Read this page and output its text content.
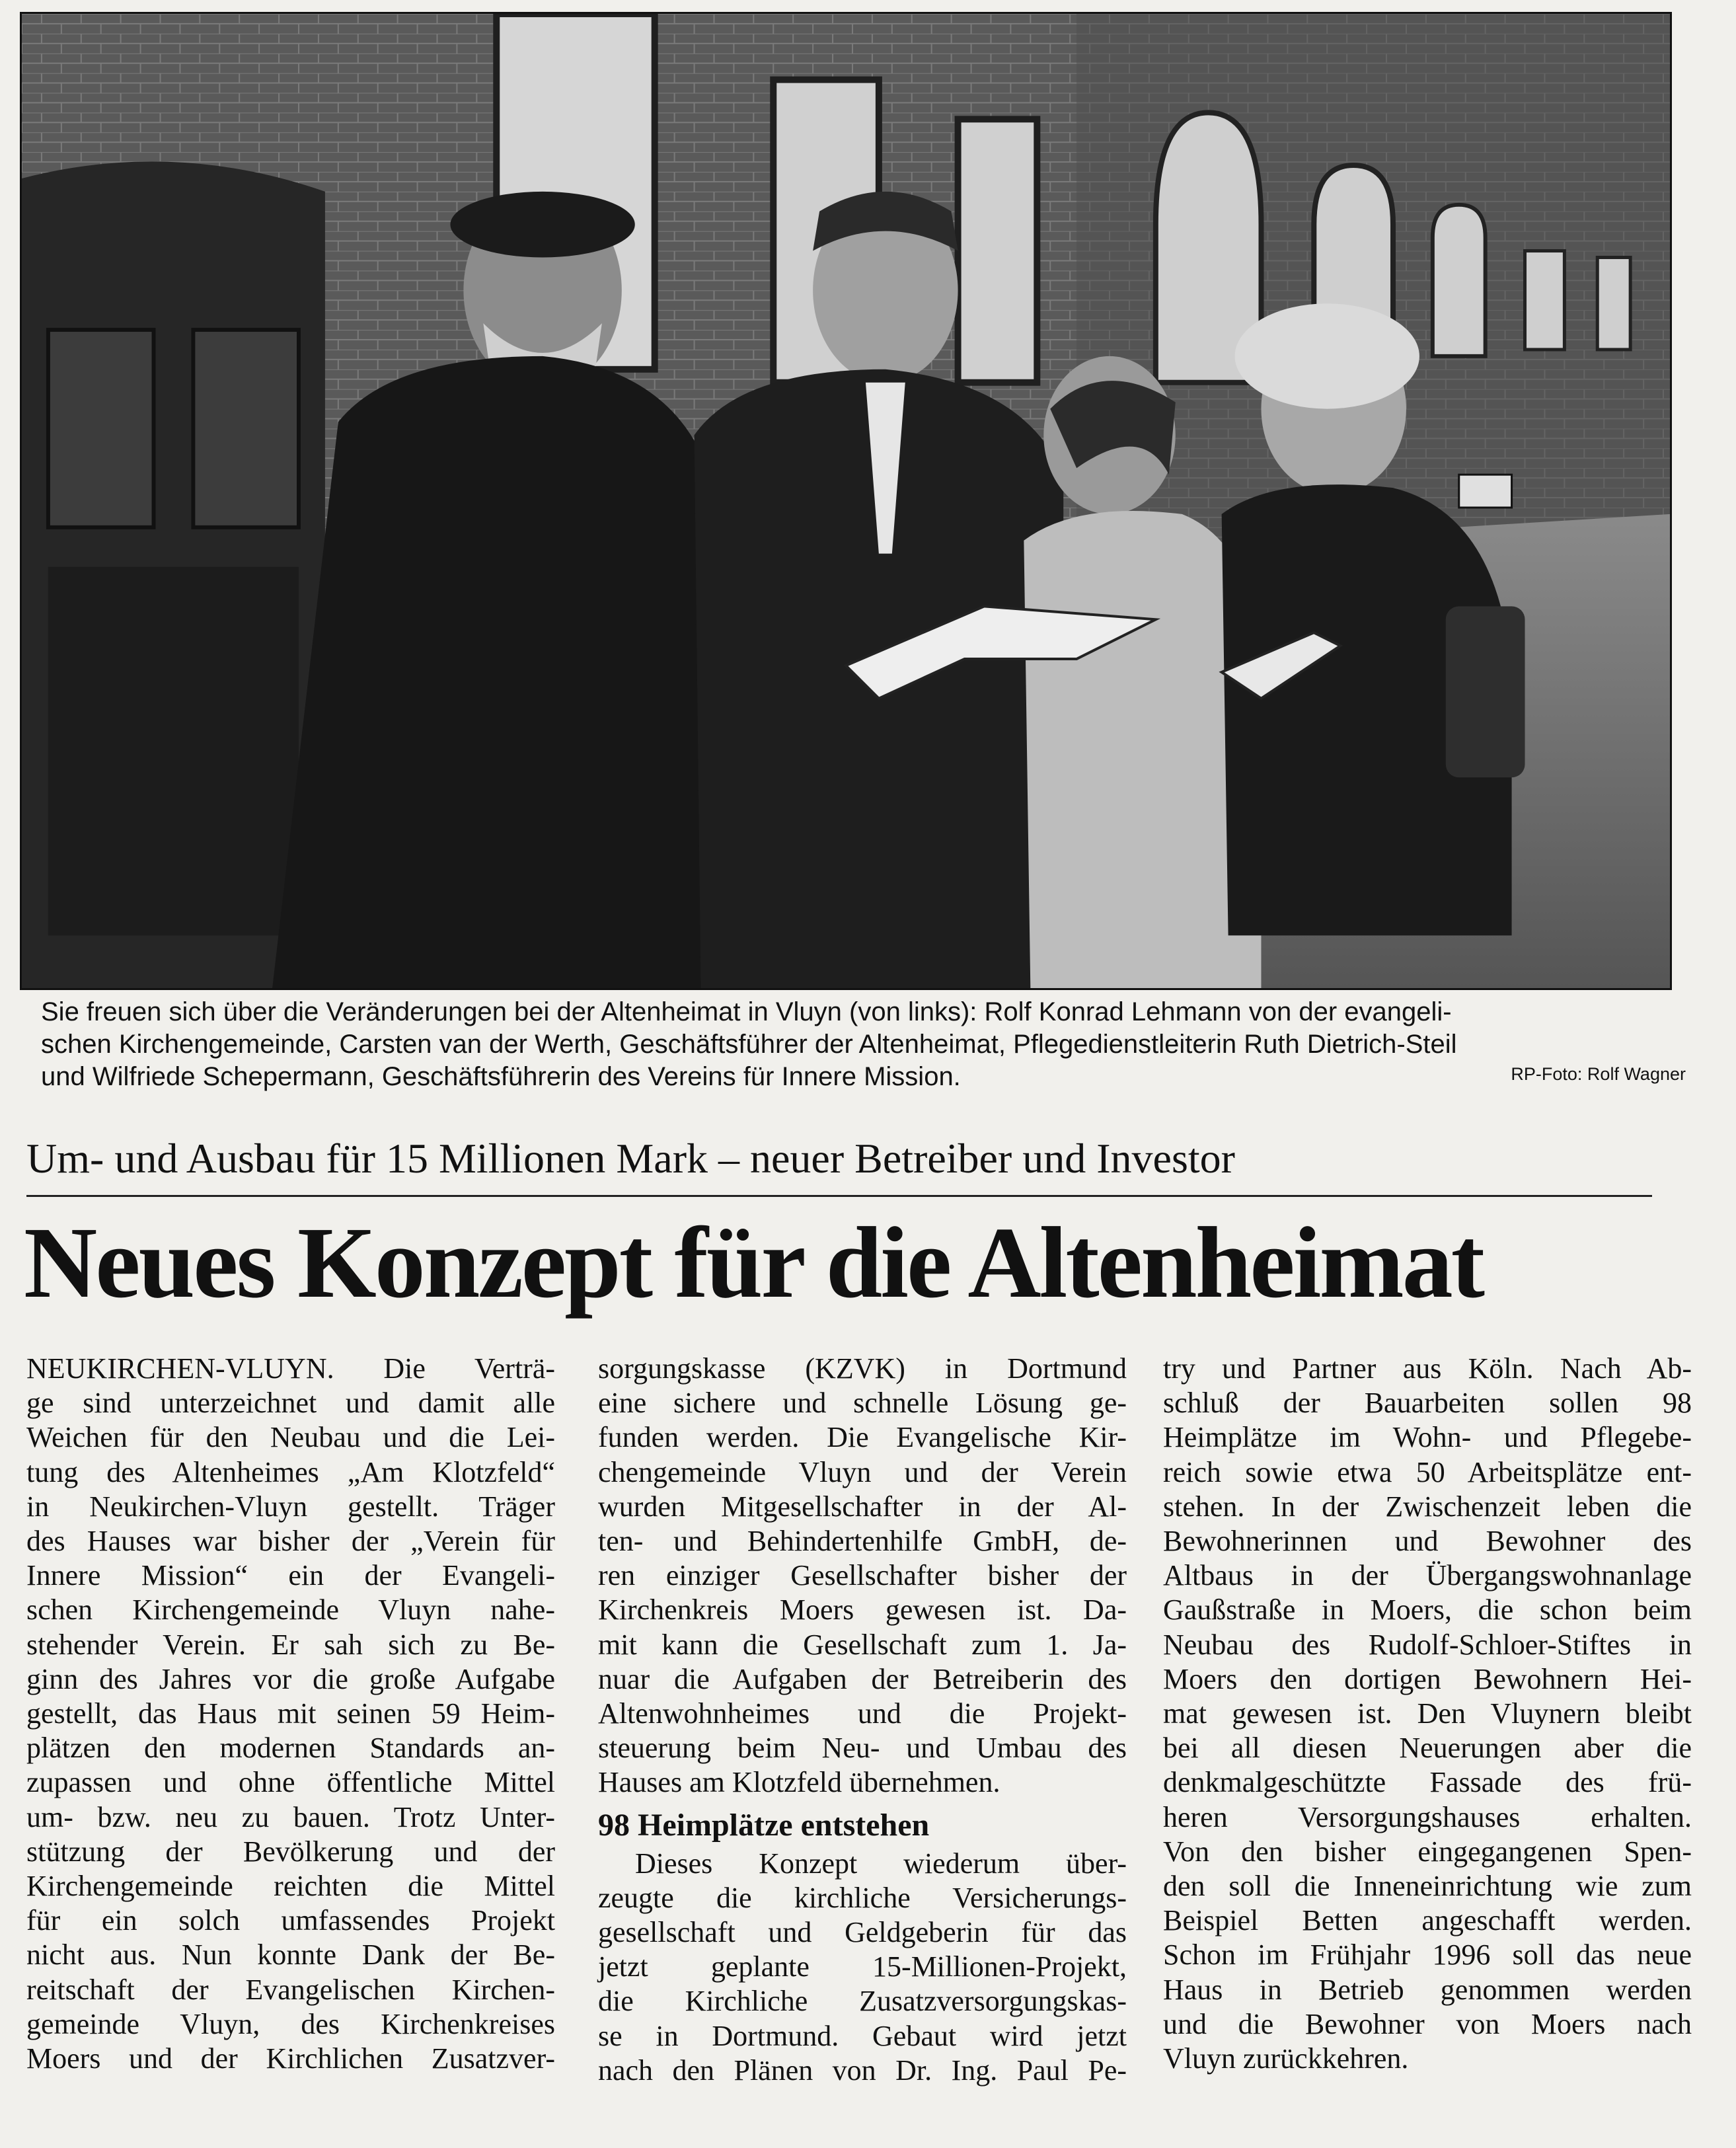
Sie freuen sich über die Veränderungen bei der Altenheimat in Vluyn (von links): Rolf Konrad Lehmann von der evangeli-

schen Kirchengemeinde, Carsten van der Werth, Geschäftsführer der Altenheimat, Pflegedienstleiterin Ruth Dietrich-Steil

und Wilfriede Schepermann, Geschäftsführerin des Vereins für Innere Mission.	RP-Foto: Rolf Wagner
Um- und Ausbau für 15 Millionen Mark – neuer Betreiber und Investor
Neues Konzept für die Altenheimat

NEUKIRCHEN-VLUYN. Die Verträ-

ge sind unterzeichnet und damit alle

Weichen für den Neubau und die Lei-

tung des Altenheimes „Am Klotzfeld“

in Neukirchen-Vluyn gestellt. Träger

des Hauses war bisher der „Verein für

Innere Mission“ ein der Evangeli-

schen Kirchengemeinde Vluyn nahe-

stehender Verein. Er sah sich zu Be-

ginn des Jahres vor die große Aufgabe

gestellt, das Haus mit seinen 59 Heim-

plätzen den modernen Standards an-

zupassen und ohne öffentliche Mittel

um- bzw. neu zu bauen. Trotz Unter-

stützung der Bevölkerung und der

Kirchengemeinde reichten die Mittel

für ein solch umfassendes Projekt

nicht aus. Nun konnte Dank der Be-

reitschaft der Evangelischen Kirchen-

gemeinde Vluyn, des Kirchenkreises

Moers und der Kirchlichen Zusatzver-

sorgungskasse (KZVK) in Dortmund

eine sichere und schnelle Lösung ge-

funden werden. Die Evangelische Kir-

chengemeinde Vluyn und der Verein

wurden Mitgesellschafter in der Al-

ten- und Behindertenhilfe GmbH, de-

ren einziger Gesellschafter bisher der

Kirchenkreis Moers gewesen ist. Da-

mit kann die Gesellschaft zum 1. Ja-

nuar die Aufgaben der Betreiberin des

Altenwohnheimes und die Projekt-

steuerung beim Neu- und Umbau des

Hauses am Klotzfeld übernehmen.

98 Heimplätze entstehen

Dieses Konzept wiederum über-

zeugte die kirchliche Versicherungs-

gesellschaft und Geldgeberin für das

jetzt geplante 15-Millionen-Projekt,

die Kirchliche Zusatzversorgungskas-

se in Dortmund. Gebaut wird jetzt

nach den Plänen von Dr. Ing. Paul Pe-

try und Partner aus Köln. Nach Ab-

schluß der Bauarbeiten sollen 98

Heimplätze im Wohn- und Pflegebe-

reich sowie etwa 50 Arbeitsplätze ent-

stehen. In der Zwischenzeit leben die

Bewohnerinnen und Bewohner des

Altbaus in der Übergangswohnanlage

Gaußstraße in Moers, die schon beim

Neubau des Rudolf-Schloer-Stiftes in

Moers den dortigen Bewohnern Hei-

mat gewesen ist. Den Vluynern bleibt

bei all diesen Neuerungen aber die

denkmalgeschützte Fassade des frü-

heren Versorgungshauses erhalten.

Von den bisher eingegangenen Spen-

den soll die Inneneinrichtung wie zum

Beispiel Betten angeschafft werden.

Schon im Frühjahr 1996 soll das neue

Haus in Betrieb genommen werden

und die Bewohner von Moers nach

Vluyn zurückkehren.
